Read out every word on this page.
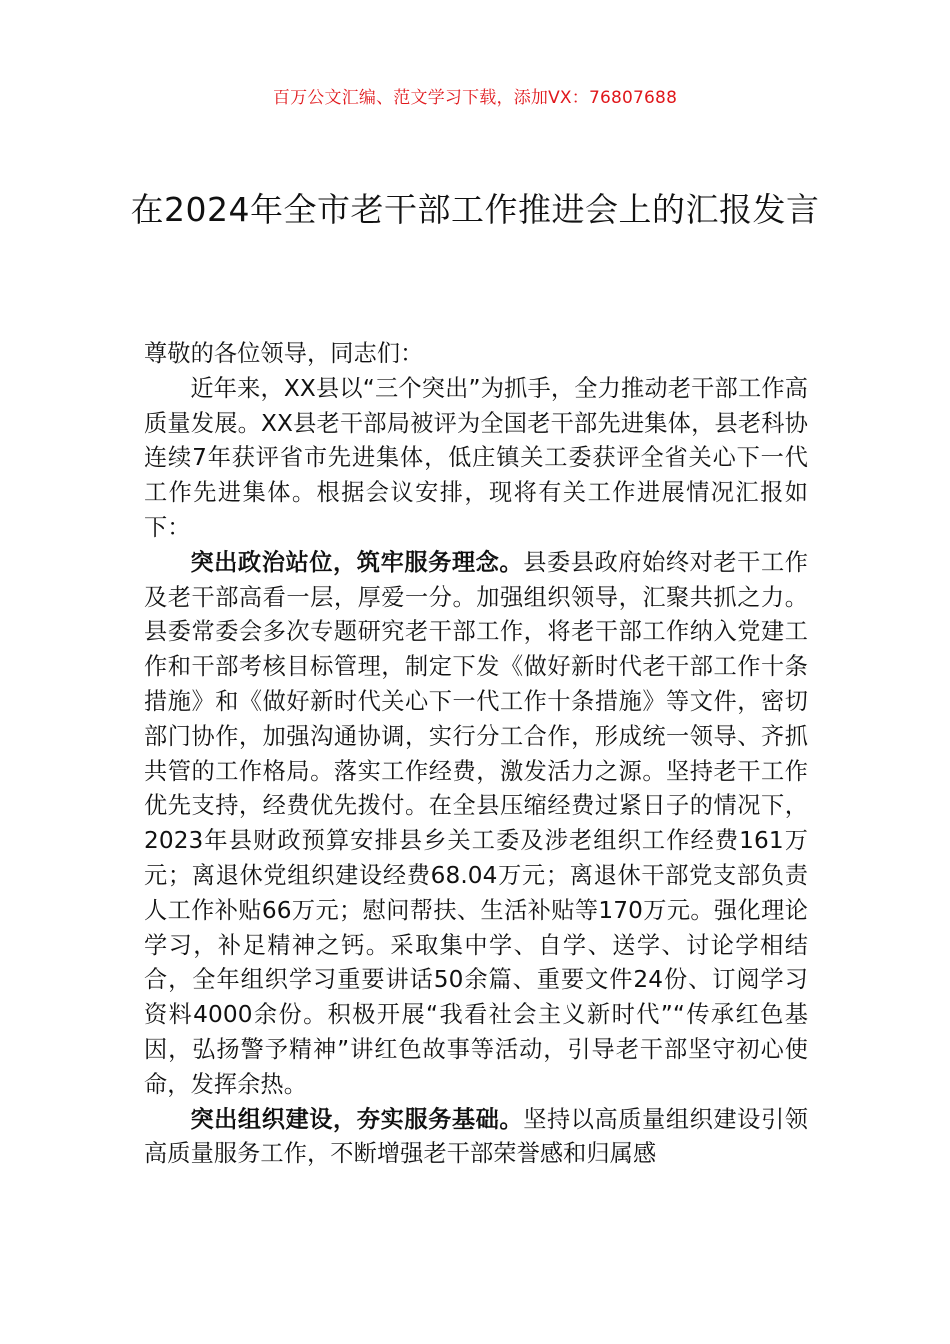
百万公文汇编、范文学习下载，添加VX：76807688
在2024年全市老干部工作推进会上的汇报发言

尊敬的各位领导，同志们：

近年来，XX县以“三个突出”为抓手，全力推动老干部工作高质量发展。XX县老干部局被评为全国老干部先进集体，县老科协连续7年获评省市先进集体，低庄镇关工委获评全省关心下一代工作先进集体。根据会议安排，现将有关工作进展情况汇报如下：

突出政治站位，筑牢服务理念。县委县政府始终对老干工作及老干部高看一层，厚爱一分。加强组织领导，汇聚共抓之力。县委常委会多次专题研究老干部工作，将老干部工作纳入党建工作和干部考核目标管理，制定下发《做好新时代老干部工作十条措施》和《做好新时代关心下一代工作十条措施》等文件，密切部门协作，加强沟通协调，实行分工合作，形成统一领导、齐抓共管的工作格局。落实工作经费，激发活力之源。坚持老干工作优先支持，经费优先拨付。在全县压缩经费过紧日子的情况下，2023年县财政预算安排县乡关工委及涉老组织工作经费161万元；离退休党组织建设经费68.04万元；离退休干部党支部负责人工作补贴66万元；慰问帮扶、生活补贴等170万元。强化理论学习，补足精神之钙。采取集中学、自学、送学、讨论学相结合，全年组织学习重要讲话50余篇、重要文件24份、订阅学习资料4000余份。积极开展“我看社会主义新时代”“传承红色基因，弘扬警予精神”讲红色故事等活动，引导老干部坚守初心使命，发挥余热。

突出组织建设，夯实服务基础。坚持以高质量组织建设引领高质量服务工作，不断增强老干部荣誉感和归属感
